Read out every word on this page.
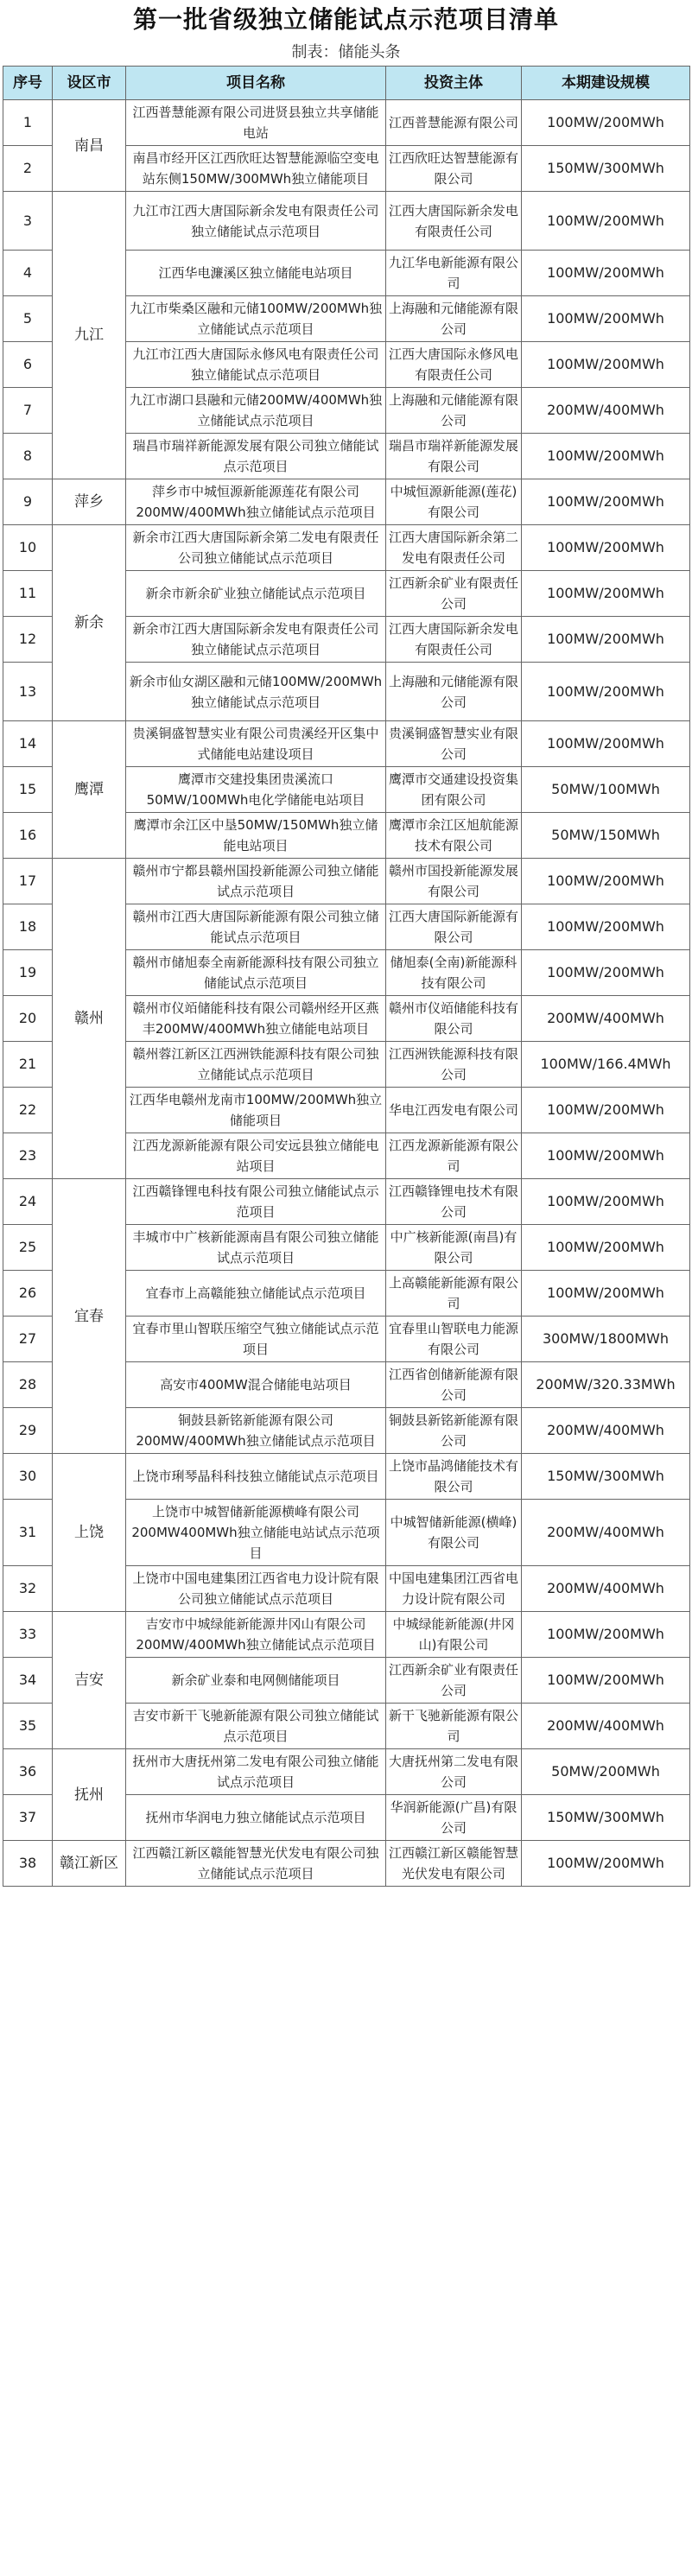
第一批省级独立储能试点示范项目清单
制表：储能头条
序号	设区市	项目名称	投资主体	本期建设规模
1	南昌	江西普慧能源有限公司进贤县独立共享储能电站	江西普慧能源有限公司	100MW/200MWh
2		南昌市经开区江西欣旺达智慧能源临空变电站东侧150MW/300MWh独立储能项目	江西欣旺达智慧能源有限公司	150MW/300MWh
3	九江	九江市江西大唐国际新余发电有限责任公司独立储能试点示范项目	江西大唐国际新余发电有限责任公司	100MW/200MWh
4		江西华电濂溪区独立储能电站项目	九江华电新能源有限公司	100MW/200MWh
5		九江市柴桑区融和元储100MW/200MWh独立储能试点示范项目	上海融和元储能源有限公司	100MW/200MWh
6		九江市江西大唐国际永修风电有限责任公司独立储能试点示范项目	江西大唐国际永修风电有限责任公司	100MW/200MWh
7		九江市湖口县融和元储200MW/400MWh独立储能试点示范项目	上海融和元储能源有限公司	200MW/400MWh
8		瑞昌市瑞祥新能源发展有限公司独立储能试点示范项目	瑞昌市瑞祥新能源发展有限公司	100MW/200MWh
9	萍乡	萍乡市中城恒源新能源莲花有限公司200MW/400MWh独立储能试点示范项目	中城恒源新能源(莲花)有限公司	100MW/200MWh
10	新余	新余市江西大唐国际新余第二发电有限责任公司独立储能试点示范项目	江西大唐国际新余第二发电有限责任公司	100MW/200MWh
11		新余市新余矿业独立储能试点示范项目	江西新余矿业有限责任公司	100MW/200MWh
12		新余市江西大唐国际新余发电有限责任公司独立储能试点示范项目	江西大唐国际新余发电有限责任公司	100MW/200MWh
13		新余市仙女湖区融和元储100MW/200MWh独立储能试点示范项目	上海融和元储能源有限公司	100MW/200MWh
14	鹰潭	贵溪铜盛智慧实业有限公司贵溪经开区集中式储能电站建设项目	贵溪铜盛智慧实业有限公司	100MW/200MWh
15		鹰潭市交建投集团贵溪流口50MW/100MWh电化学储能电站项目	鹰潭市交通建设投资集团有限公司	50MW/100MWh
16		鹰潭市余江区中垦50MW/150MWh独立储能电站项目	鹰潭市余江区旭航能源技术有限公司	50MW/150MWh
17	赣州	赣州市宁都县赣州国投新能源公司独立储能试点示范项目	赣州市国投新能源发展有限公司	100MW/200MWh
18		赣州市江西大唐国际新能源有限公司独立储能试点示范项目	江西大唐国际新能源有限公司	100MW/200MWh
19		赣州市储旭泰全南新能源科技有限公司独立储能试点示范项目	储旭泰(全南)新能源科技有限公司	100MW/200MWh
20		赣州市仪竡储能科技有限公司赣州经开区燕丰200MW/400MWh独立储能电站项目	赣州市仪竡储能科技有限公司	200MW/400MWh
21		赣州蓉江新区江西洲铁能源科技有限公司独立储能试点示范项目	江西洲铁能源科技有限公司	100MW/166.4MWh
22		江西华电赣州龙南市100MW/200MWh独立储能项目	华电江西发电有限公司	100MW/200MWh
23		江西龙源新能源有限公司安远县独立储能电站项目	江西龙源新能源有限公司	100MW/200MWh
24	宜春	江西赣锋锂电科技有限公司独立储能试点示范项目	江西赣锋锂电技术有限公司	100MW/200MWh
25		丰城市中广核新能源南昌有限公司独立储能试点示范项目	中广核新能源(南昌)有限公司	100MW/200MWh
26		宜春市上高赣能独立储能试点示范项目	上高赣能新能源有限公司	100MW/200MWh
27		宜春市里山智联压缩空气独立储能试点示范项目	宜春里山智联电力能源有限公司	300MW/1800MWh
28		高安市400MW混合储能电站项目	江西省创储新能源有限公司	200MW/320.33MWh
29		铜鼓县新铭新能源有限公司200MW/400MWh独立储能试点示范项目	铜鼓县新铭新能源有限公司	200MW/400MWh
30	上饶	上饶市琍琴晶科科技独立储能试点示范项目	上饶市晶鸿储能技术有限公司	150MW/300MWh
31		上饶市中城智储新能源横峰有限公司200MW400MWh独立储能电站试点示范项目	中城智储新能源(横峰)有限公司	200MW/400MWh
32		上饶市中国电建集团江西省电力设计院有限公司独立储能试点示范项目	中国电建集团江西省电力设计院有限公司	200MW/400MWh
33	吉安	吉安市中城绿能新能源井冈山有限公司200MW/400MWh独立储能试点示范项目	中城绿能新能源(井冈山)有限公司	100MW/200MWh
34		新余矿业泰和电网侧储能项目	江西新余矿业有限责任公司	100MW/200MWh
35		吉安市新干飞驰新能源有限公司独立储能试点示范项目	新干飞驰新能源有限公司	200MW/400MWh
36	抚州	抚州市大唐抚州第二发电有限公司独立储能试点示范项目	大唐抚州第二发电有限公司	50MW/200MWh
37		抚州市华润电力独立储能试点示范项目	华润新能源(广昌)有限公司	150MW/300MWh
38	赣江新区	江西赣江新区赣能智慧光伏发电有限公司独立储能试点示范项目	江西赣江新区赣能智慧光伏发电有限公司	100MW/200MWh
